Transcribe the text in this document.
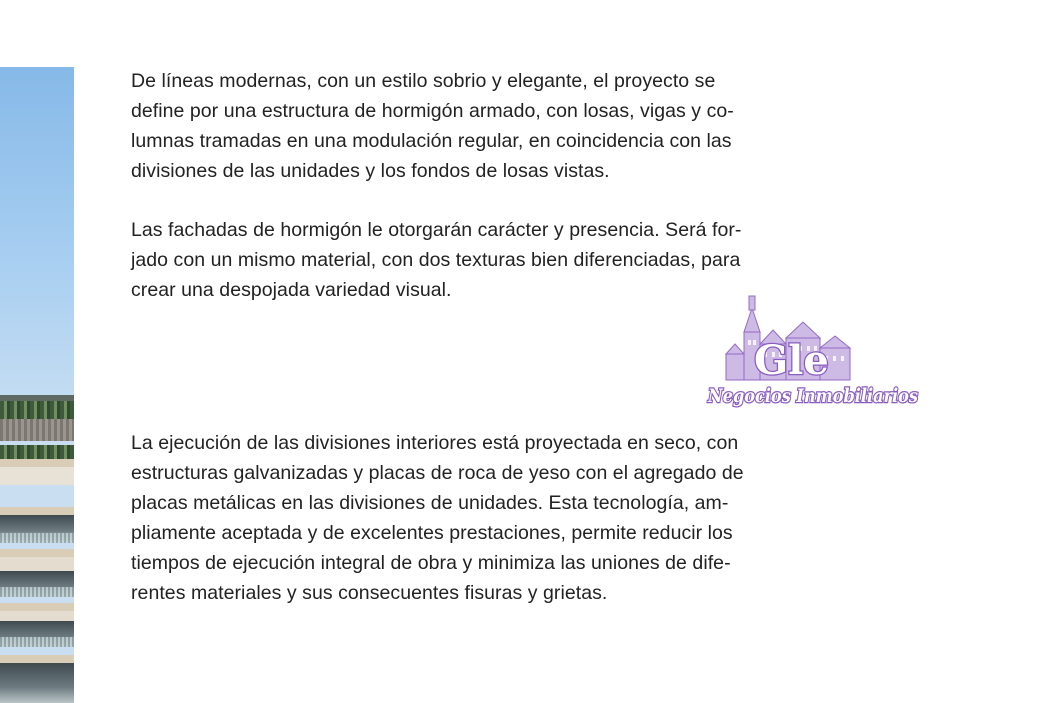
De líneas modernas, con un estilo sobrio y elegante, el proyecto se
define por una estructura de hormigón armado, con losas, vigas y co-
lumnas tramadas en una modulación regular, en coincidencia con las
divisiones de las unidades y los fondos de losas vistas.

Las fachadas de hormigón le otorgarán carácter y presencia. Será for-
jado con un mismo material, con dos texturas bien diferenciadas, para
crear una despojada variedad visual.

La ejecución de las divisiones interiores está proyectada en seco, con
estructuras galvanizadas y placas de roca de yeso con el agregado de
placas metálicas en las divisiones de unidades. Esta tecnología, am-
pliamente aceptada y de excelentes prestaciones, permite reducir los
tiempos de ejecución integral de obra y minimiza las uniones de dife-
rentes materiales y sus consecuentes fisuras y grietas.

Gle
Negocios Inmobiliarios
